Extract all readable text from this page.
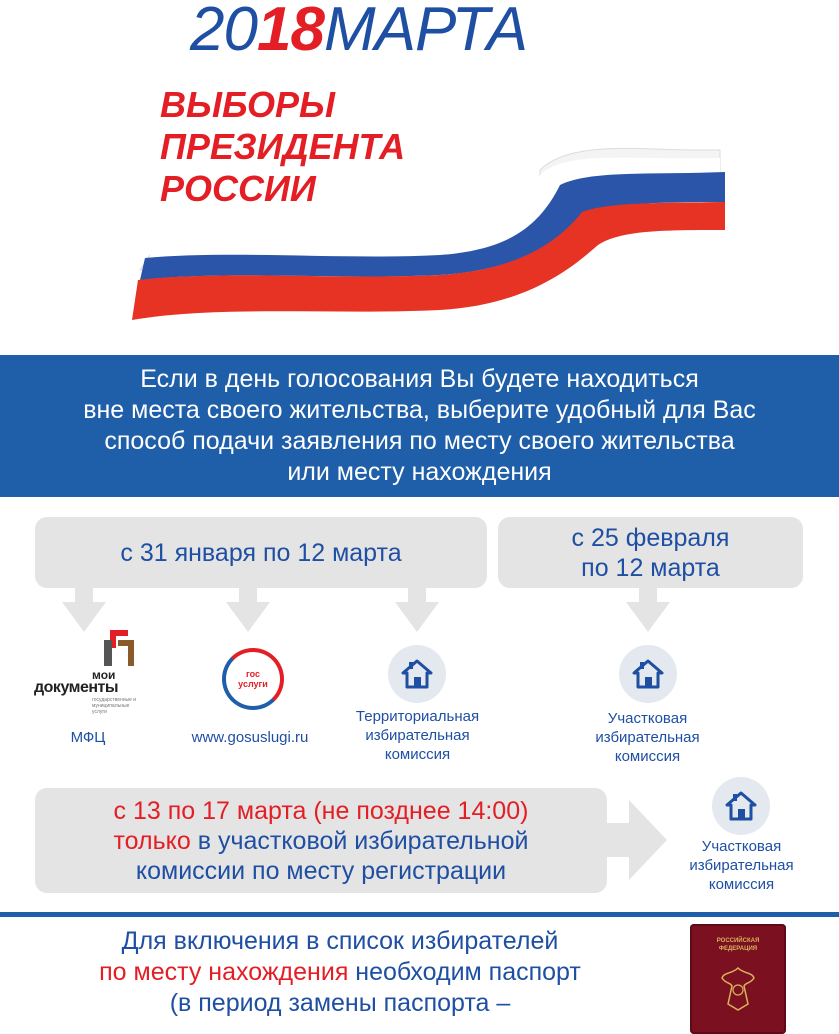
2018МАРТА
ВЫБОРЫ
ПРЕЗИДЕНТА
РОССИИ
Если в день голосования Вы будете находиться
вне места своего жительства, выберите удобный для Вас
способ подачи заявления по месту своего жительства
или месту нахождения
с 31 января по 12 марта
с 25 февраля
по 12 марта
мои
документы
государственные и муниципальные услуги
МФЦ
гос
услуги
www.gosuslugi.ru
Территориальная
избирательная
комиссия
Участковая
избирательная
комиссия
с 13 по 17 марта (не позднее 14:00)
только в участковой избирательной
комиссии по месту регистрации
Участковая
избирательная
комиссия
Для включения в список избирателей
по месту нахождения необходим паспорт
(в период замены паспорта –
РОССИЙСКАЯ
ФЕДЕРАЦИЯ
